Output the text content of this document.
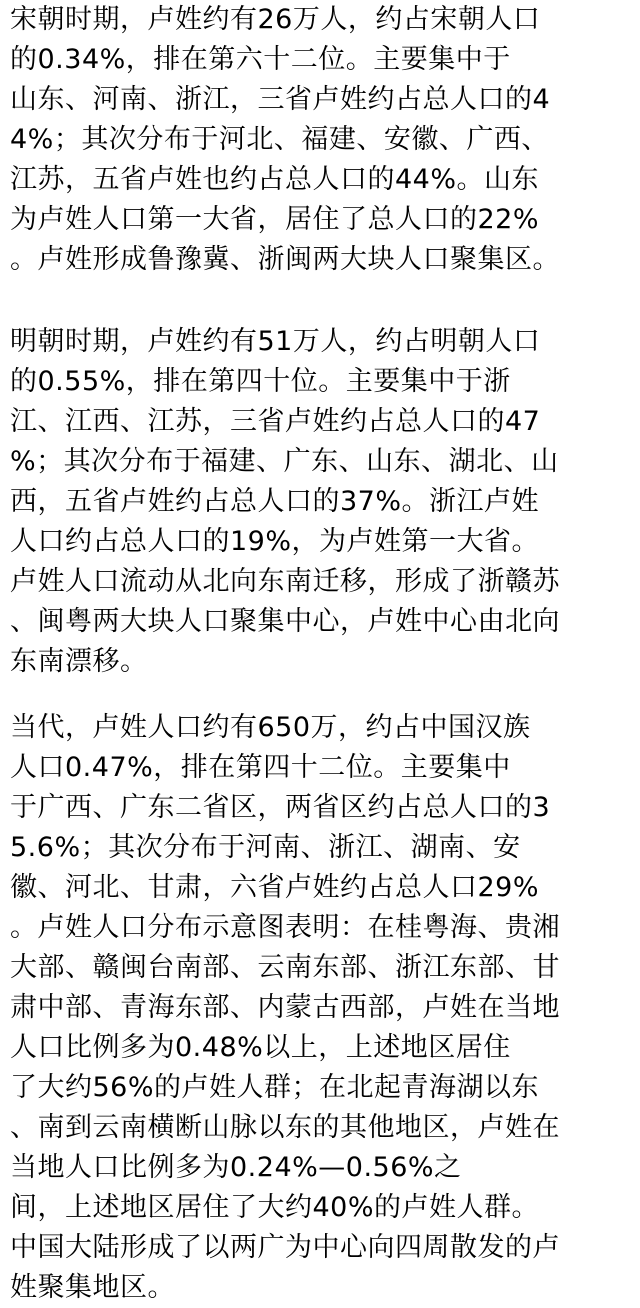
宋朝时期，卢姓约有26万人，约占宋朝人口
的0.34%，排在第六十二位。主要集中于
山东、河南、浙江，三省卢姓约占总人口的4
4%；其次分布于河北、福建、安徽、广西、
江苏，五省卢姓也约占总人口的44%。山东
为卢姓人口第一大省，居住了总人口的22%
。卢姓形成鲁豫冀、浙闽两大块人口聚集区。
明朝时期，卢姓约有51万人，约占明朝人口
的0.55%，排在第四十位。主要集中于浙
江、江西、江苏，三省卢姓约占总人口的47
%；其次分布于福建、广东、山东、湖北、山
西，五省卢姓约占总人口的37%。浙江卢姓
人口约占总人口的19%，为卢姓第一大省。
卢姓人口流动从北向东南迁移，形成了浙赣苏
、闽粤两大块人口聚集中心，卢姓中心由北向
东南漂移。
当代，卢姓人口约有650万，约占中国汉族
人口0.47%，排在第四十二位。主要集中
于广西、广东二省区，两省区约占总人口的3
5.6%；其次分布于河南、浙江、湖南、安
徽、河北、甘肃，六省卢姓约占总人口29%
。卢姓人口分布示意图表明：在桂粤海、贵湘
大部、赣闽台南部、云南东部、浙江东部、甘
肃中部、青海东部、内蒙古西部，卢姓在当地
人口比例多为0.48%以上，上述地区居住
了大约56%的卢姓人群；在北起青海湖以东
、南到云南横断山脉以东的其他地区，卢姓在
当地人口比例多为0.24%—0.56%之
间，上述地区居住了大约40%的卢姓人群。
中国大陆形成了以两广为中心向四周散发的卢
姓聚集地区。
